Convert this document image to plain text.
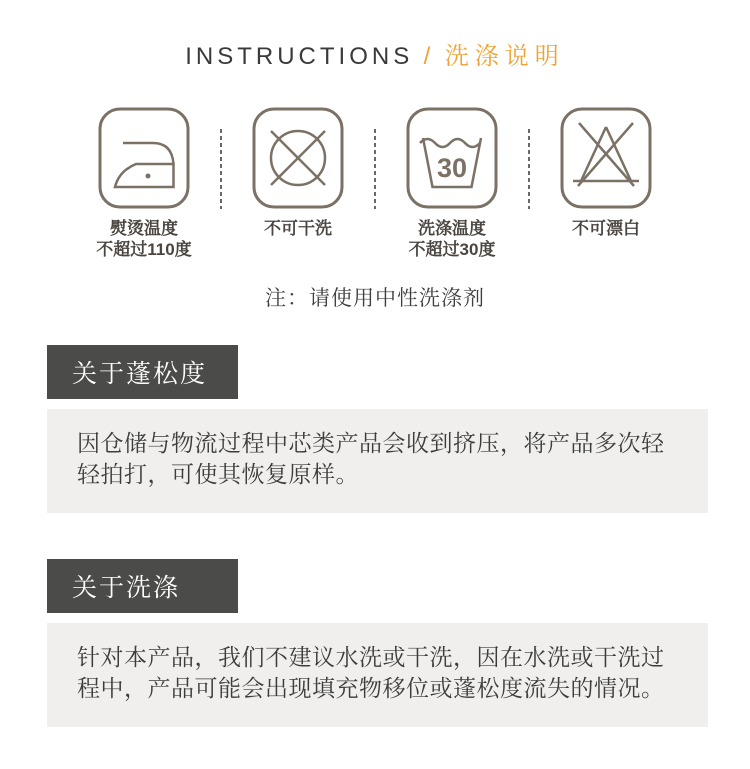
INSTRUCTIONS / 洗涤说明
熨烫温度
不超过110度
不可干洗
30
洗涤温度
不超过30度
不可漂白

注：请使用中性洗涤剂

关于蓬松度
因仓储与物流过程中芯类产品会收到挤压，将产品多次轻轻拍打，可使其恢复原样。
关于洗涤
针对本产品，我们不建议水洗或干洗，因在水洗或干洗过程中，产品可能会出现填充物移位或蓬松度流失的情况。
